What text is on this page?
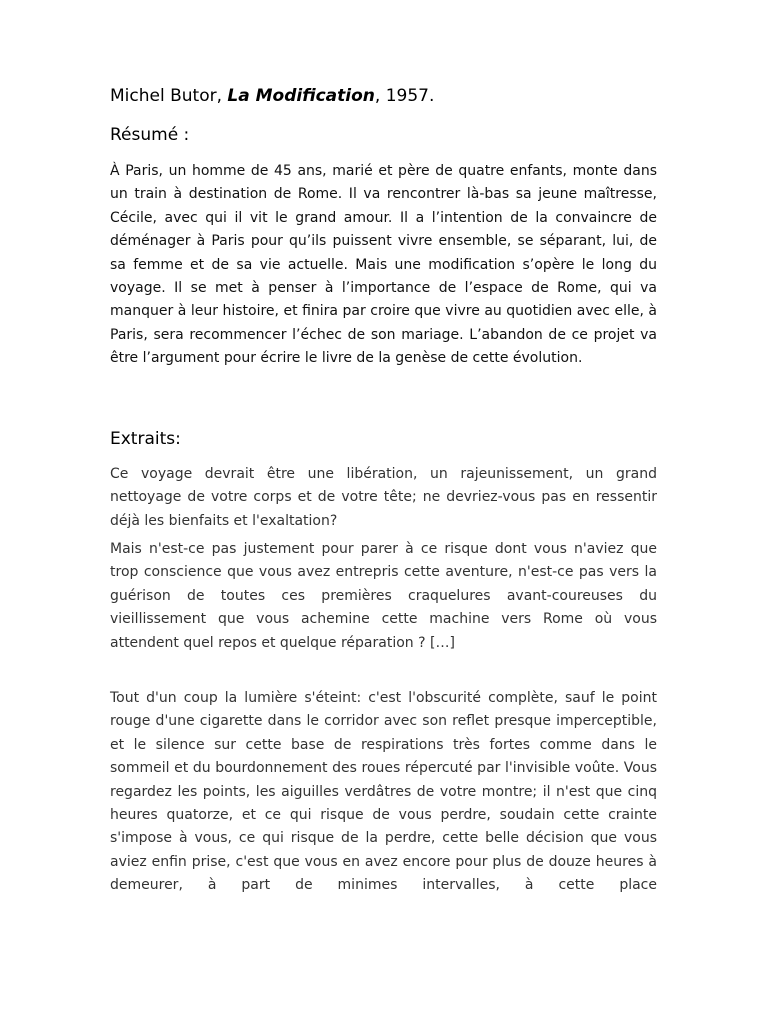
Michel Butor, La Modification, 1957.
Résumé :

À Paris, un homme de 45 ans, marié et père de quatre enfants, monte dans un train à destination de Rome. Il va rencontrer là-bas sa jeune maîtresse, Cécile, avec qui il vit le grand amour. Il a l’intention de la convaincre de déménager à Paris pour qu’ils puissent vivre ensemble, se séparant, lui, de sa femme et de sa vie actuelle. Mais une modification s’opère le long du voyage. Il se met à penser à l’importance de l’espace de Rome, qui va manquer à leur histoire, et finira par croire que vivre au quotidien avec elle, à Paris, sera recommencer l’échec de son mariage. L’abandon de ce projet va être l’argument pour écrire le livre de la genèse de cette évolution.

Extraits:

Ce voyage devrait être une libération, un rajeunissement, un grand nettoyage de votre corps et de votre tête; ne devriez-vous pas en ressentir déjà les bienfaits et l'exaltation?

Mais n'est-ce pas justement pour parer à ce risque dont vous n'aviez que trop conscience que vous avez entrepris cette aventure, n'est-ce pas vers la guérison de toutes ces premières craquelures avant-coureuses du vieillissement que vous achemine cette machine vers Rome où vous attendent quel repos et quelque réparation ? […]

Tout d'un coup la lumière s'éteint: c'est l'obscurité complète, sauf le point rouge d'une cigarette dans le corridor avec son reflet presque imperceptible, et le silence sur cette base de respirations très fortes comme dans le sommeil et du bourdonnement des roues répercuté par l'invisible voûte. Vous regardez les points, les aiguilles verdâtres de votre montre; il n'est que cinq heures quatorze, et ce qui risque de vous perdre, soudain cette crainte s'impose à vous, ce qui risque de la perdre, cette belle décision que vous aviez enfin prise, c'est que vous en avez encore pour plus de douze heures à demeurer, à part de minimes intervalles, à cette place
